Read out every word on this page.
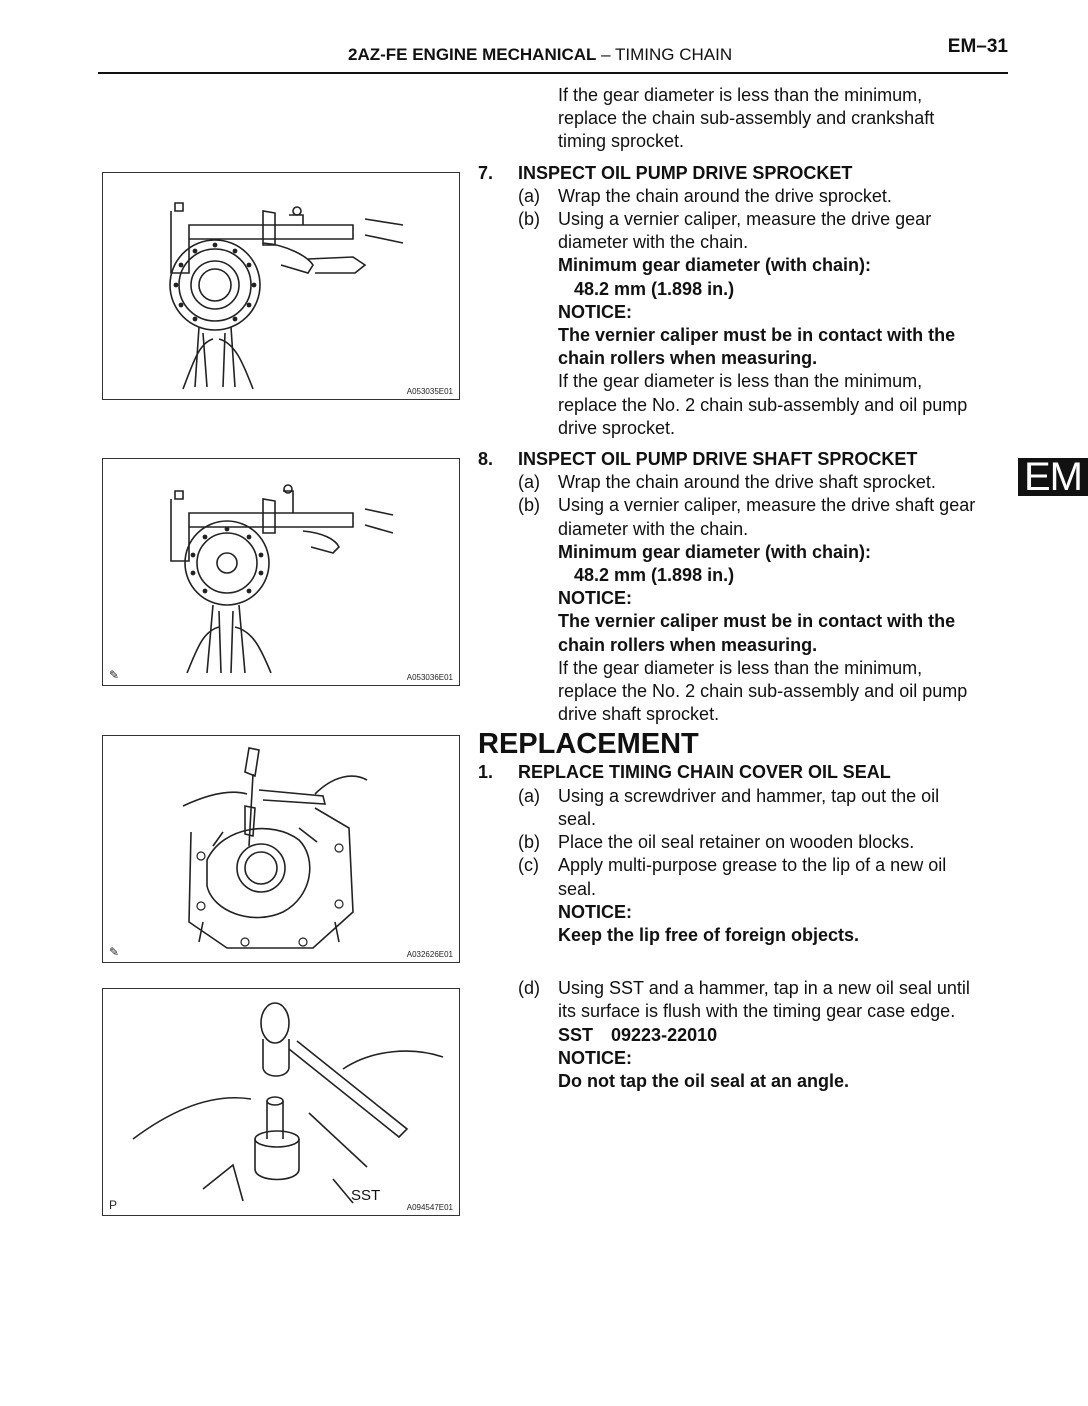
2AZ-FE ENGINE MECHANICAL – TIMING CHAIN	EM–31
EM
A053035E01
✎	A053036E01
✎	A032626E01
P
SST
A094547E01
If the gear diameter is less than the minimum,
replace the chain sub-assembly and crankshaft
timing sprocket.
7. INSPECT OIL PUMP DRIVE SPROCKET
(a) Wrap the chain around the drive sprocket.
(b) Using a vernier caliper, measure the drive gear
diameter with the chain.
Minimum gear diameter (with chain):
48.2 mm (1.898 in.)
NOTICE:
The vernier caliper must be in contact with the
chain rollers when measuring.
If the gear diameter is less than the minimum,
replace the No. 2 chain sub-assembly and oil pump
drive sprocket.
8. INSPECT OIL PUMP DRIVE SHAFT SPROCKET
(a) Wrap the chain around the drive shaft sprocket.
(b) Using a vernier caliper, measure the drive shaft gear
diameter with the chain.
Minimum gear diameter (with chain):
48.2 mm (1.898 in.)
NOTICE:
The vernier caliper must be in contact with the
chain rollers when measuring.
If the gear diameter is less than the minimum,
replace the No. 2 chain sub-assembly and oil pump
drive shaft sprocket.
REPLACEMENT
1. REPLACE TIMING CHAIN COVER OIL SEAL
(a) Using a screwdriver and hammer, tap out the oil
seal.
(b) Place the oil seal retainer on wooden blocks.
(c) Apply multi-purpose grease to the lip of a new oil
seal.
NOTICE:
Keep the lip free of foreign objects.
(d) Using SST and a hammer, tap in a new oil seal until
its surface is flush with the timing gear case edge.
SST 09223-22010
NOTICE:
Do not tap the oil seal at an angle.
